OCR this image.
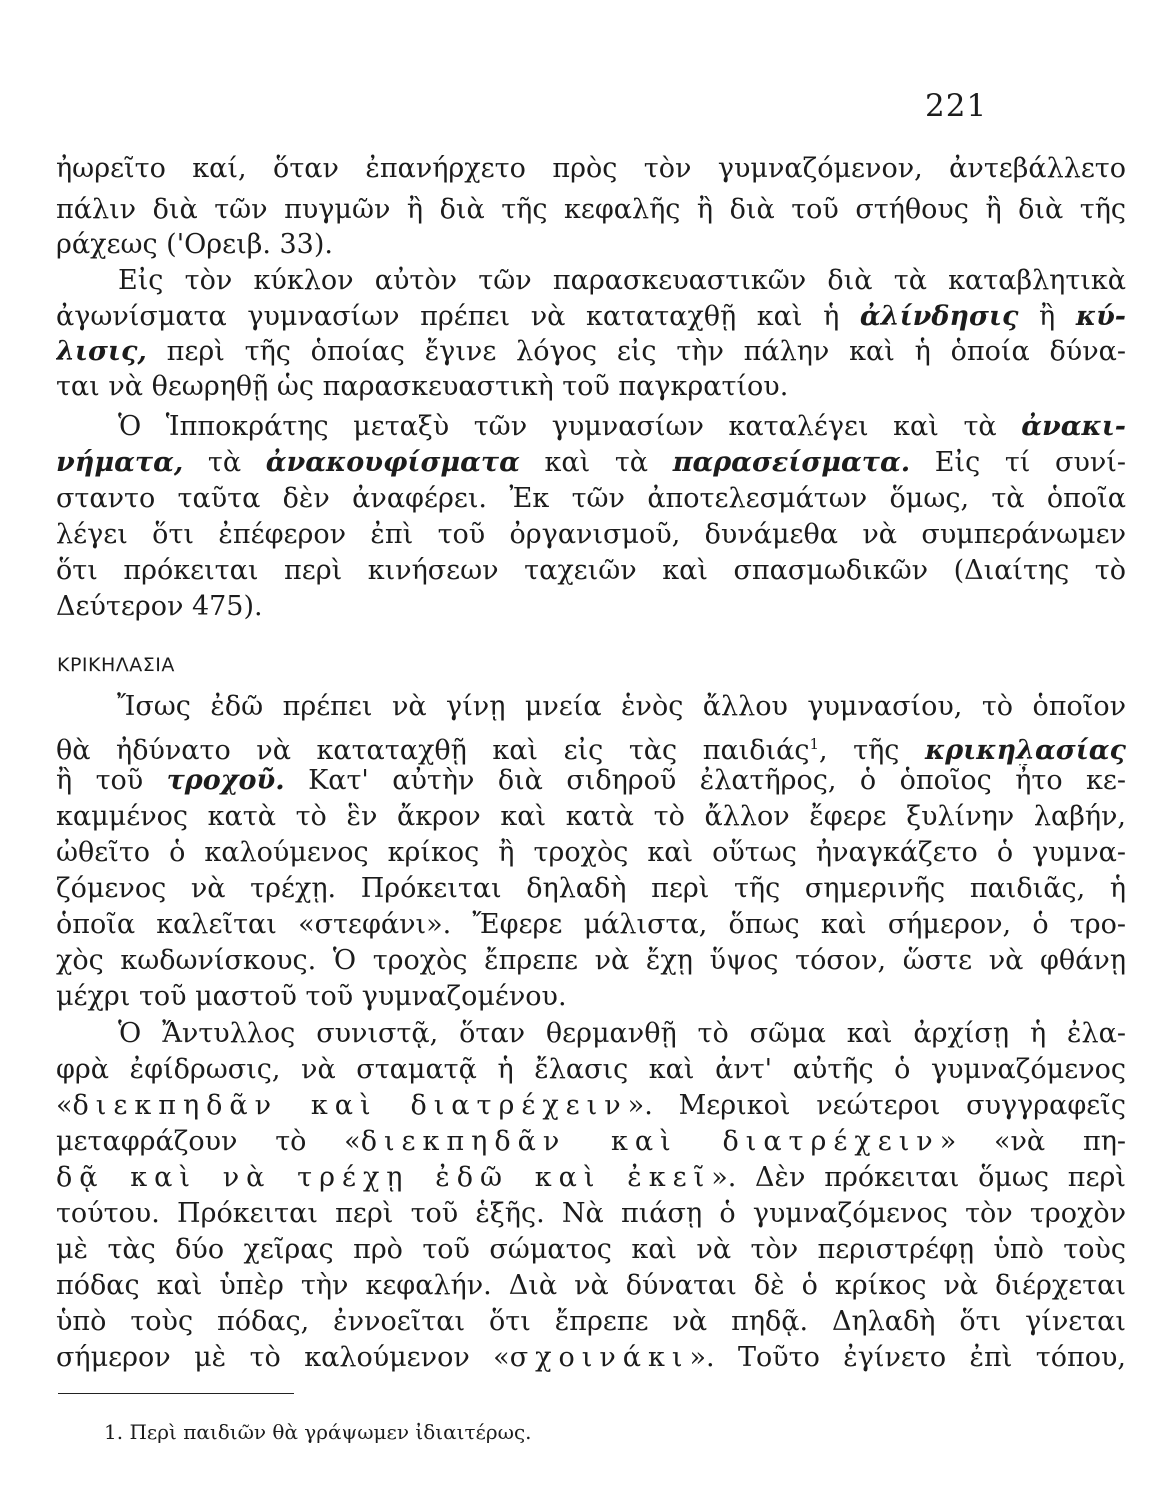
221
ἠωρεῖτο καί, ὅταν ἐπανήρχετο πρὸς τὸν γυμναζόμενον, ἀντεβάλλετο
πάλιν διὰ τῶν πυγμῶν ἢ διὰ τῆς κεφαλῆς ἢ διὰ τοῦ στήθους ἢ διὰ τῆς
ράχεως ('Ορειβ. 33).
Εἰς τὸν κύκλον αὐτὸν τῶν παρασκευαστικῶν διὰ τὰ καταβλητικὰ
ἀγωνίσματα γυμνασίων πρέπει νὰ καταταχθῇ καὶ ἡ ἀλίνδησις ἢ κύ-
λισις, περὶ τῆς ὁποίας ἔγινε λόγος εἰς τὴν πάλην καὶ ἡ ὁποία δύνα-
ται νὰ θεωρηθῇ ὡς παρασκευαστικὴ τοῦ παγκρατίου.
Ὁ Ἱπποκράτης μεταξὺ τῶν γυμνασίων καταλέγει καὶ τὰ ἀνακι-
νήματα, τὰ ἀνακουφίσματα καὶ τὰ παρασείσματα. Εἰς τί συνί-
σταντο ταῦτα δὲν ἀναφέρει. Ἐκ τῶν ἀποτελεσμάτων ὅμως, τὰ ὁποῖα
λέγει ὅτι ἐπέφερον ἐπὶ τοῦ ὀργανισμοῦ, δυνάμεθα νὰ συμπεράνωμεν
ὅτι πρόκειται περὶ κινήσεων ταχειῶν καὶ σπασμωδικῶν (Διαίτης τὸ
Δεύτερον 475).
ΚΡΙΚΗΛΑΣΙΑ
Ἴσως ἐδῶ πρέπει νὰ γίνῃ μνεία ἑνὸς ἄλλου γυμνασίου, τὸ ὁποῖον
θὰ ἠδύνατο νὰ καταταχθῇ καὶ εἰς τὰς παιδιάς$^1$, τῆς κρικηλασίας
ἢ τοῦ τροχοῦ. Κατ' αὐτὴν διὰ σιδηροῦ ἐλατῆρος, ὁ ὁποῖος ἦτο κε-
καμμένος κατὰ τὸ ἓν ἄκρον καὶ κατὰ τὸ ἄλλον ἔφερε ξυλίνην λαβήν,
ὠθεῖτο ὁ καλούμενος κρίκος ἢ τροχὸς καὶ οὕτως ἠναγκάζετο ὁ γυμνα-
ζόμενος νὰ τρέχῃ. Πρόκειται δηλαδὴ περὶ τῆς σημερινῆς παιδιᾶς, ἡ
ὁποῖα καλεῖται «στεφάνι». Ἔφερε μάλιστα, ὅπως καὶ σήμερον, ὁ τρο-
χὸς κωδωνίσκους. Ὁ τροχὸς ἔπρεπε νὰ ἔχῃ ὕψος τόσον, ὥστε νὰ φθάνῃ
μέχρι τοῦ μαστοῦ τοῦ γυμναζομένου.
Ὁ Ἄντυλλος συνιστᾷ, ὅταν θερμανθῇ τὸ σῶμα καὶ ἀρχίσῃ ἡ ἐλα-
φρὰ ἐφίδρωσις, νὰ σταματᾷ ἡ ἔλασις καὶ ἀντ' αὐτῆς ὁ γυμναζόμενος
«διεκπηδᾶν καὶ διατρέχειν». Μερικοὶ νεώτεροι συγγραφεῖς
μεταφράζουν τὸ «διεκπηδᾶν καὶ διατρέχειν» «νὰ πη-
δᾷ καὶ νὰ τρέχῃ ἐδῶ καὶ ἐκεῖ». Δὲν πρόκειται ὅμως περὶ
τούτου. Πρόκειται περὶ τοῦ ἑξῆς. Νὰ πιάσῃ ὁ γυμναζόμενος τὸν τροχὸν
μὲ τὰς δύο χεῖρας πρὸ τοῦ σώματος καὶ νὰ τὸν περιστρέφῃ ὑπὸ τοὺς
πόδας καὶ ὑπὲρ τὴν κεφαλήν. Διὰ νὰ δύναται δὲ ὁ κρίκος νὰ διέρχεται
ὑπὸ τοὺς πόδας, ἐννοεῖται ὅτι ἔπρεπε νὰ πηδᾷ. Δηλαδὴ ὅτι γίνεται
σήμερον μὲ τὸ καλούμενον «σχοινάκι». Τοῦτο ἐγίνετο ἐπὶ τόπου,
1. Περὶ παιδιῶν θὰ γράψωμεν ἰδιαιτέρως.
